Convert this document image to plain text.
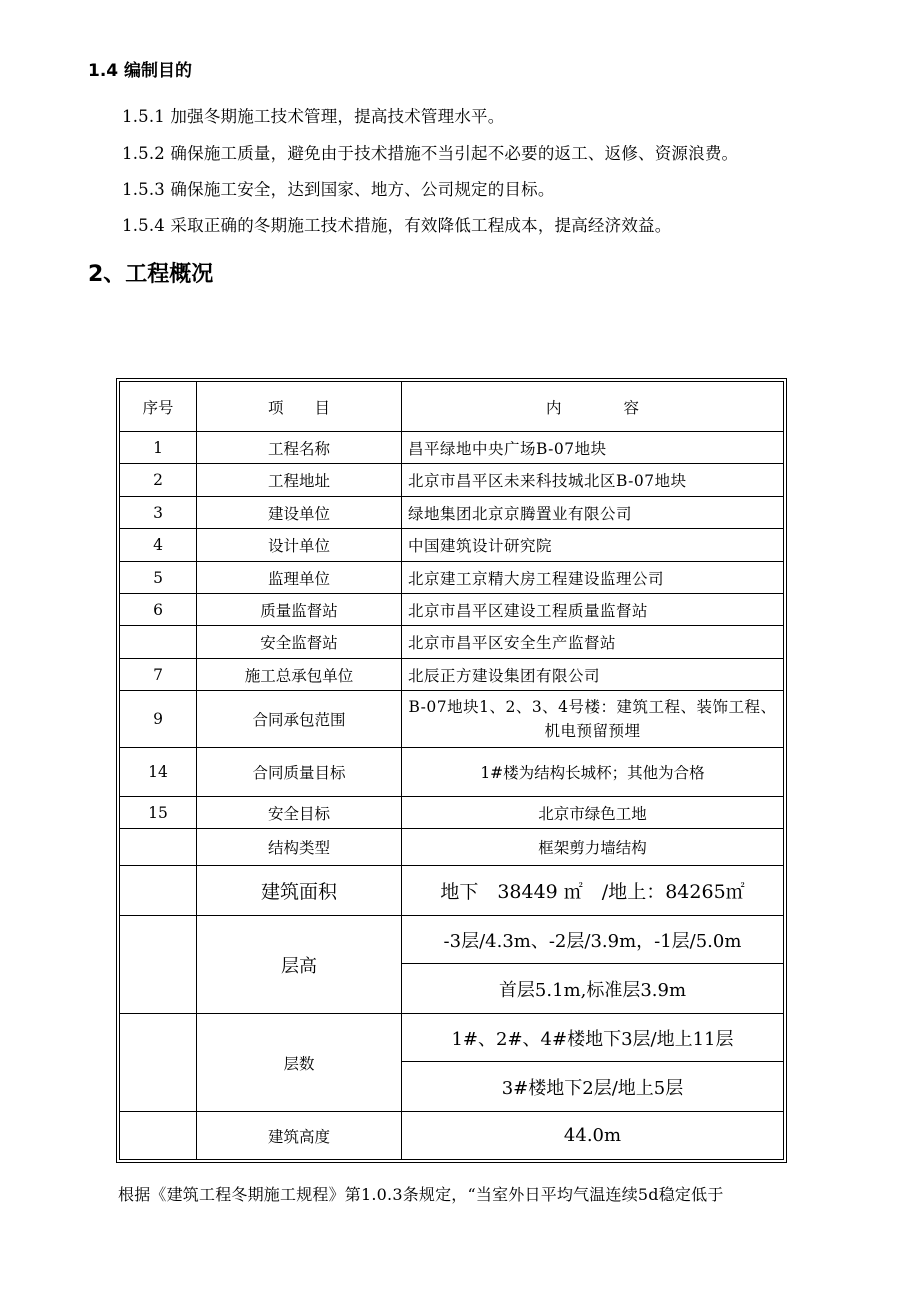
1.4 编制目的
1.5.1 加强冬期施工技术管理，提高技术管理水平。
1.5.2 确保施工质量，避免由于技术措施不当引起不必要的返工、返修、资源浪费。
1.5.3 确保施工安全，达到国家、地方、公司规定的目标。
1.5.4 采取正确的冬期施工技术措施，有效降低工程成本，提高经济效益。
2、工程概况
序号	项　　目	内　　　　容
1	工程名称	昌平绿地中央广场B-07地块
2	工程地址	北京市昌平区未来科技城北区B-07地块
3	建设单位	绿地集团北京京腾置业有限公司
4	设计单位	中国建筑设计研究院
5	监理单位	北京建工京精大房工程建设监理公司
6	质量监督站	北京市昌平区建设工程质量监督站
	安全监督站	北京市昌平区安全生产监督站
7	施工总承包单位	北辰正方建设集团有限公司
9	合同承包范围	B-07地块1、2、3、4号楼：建筑工程、装饰工程、机电预留预埋
14	合同质量目标	1#楼为结构长城杯；其他为合格
15	安全目标	北京市绿色工地
	结构类型	框架剪力墙结构
	建筑面积	地下　38449 ㎡　/地上：84265㎡
	层高	-3层/4.3m、-2层/3.9m，-1层/5.0m
		首层5.1m,标准层3.9m
	层数	1#、2#、4#楼地下3层/地上11层
		3#楼地下2层/地上5层
	建筑高度	44.0m
根据《建筑工程冬期施工规程》第1.0.3条规定，“当室外日平均气温连续5d稳定低于
